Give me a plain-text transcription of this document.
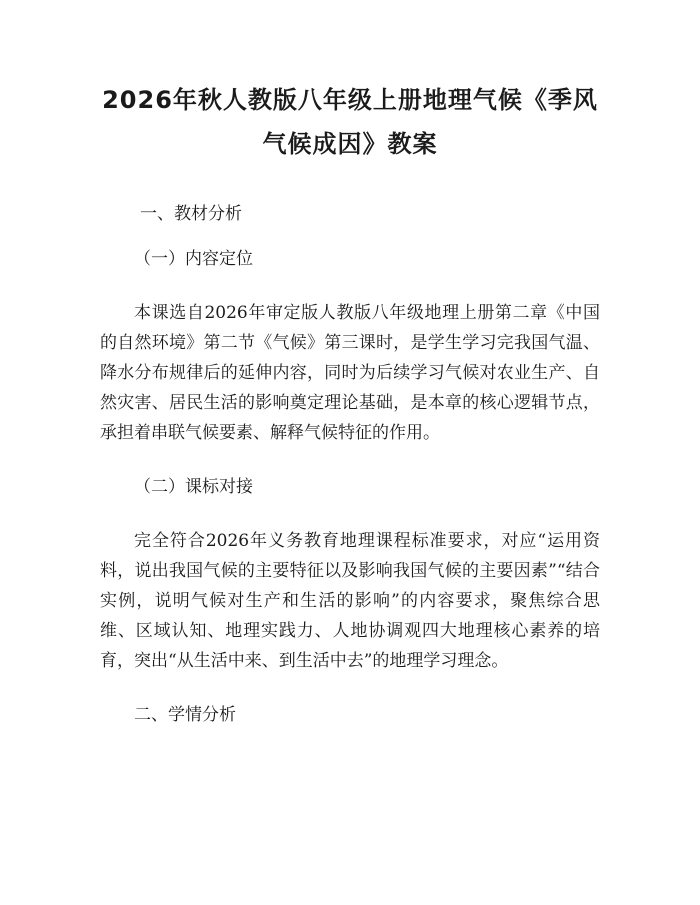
2026年秋人教版八年级上册地理气候《季风
气候成因》教案
一、教材分析
（一）内容定位

本课选自2026年审定版人教版八年级地理上册第二章《中国的自然环境》第二节《气候》第三课时，是学生学习完我国气温、降水分布规律后的延伸内容，同时为后续学习气候对农业生产、自然灾害、居民生活的影响奠定理论基础，是本章的核心逻辑节点，承担着串联气候要素、解释气候特征的作用。

（二）课标对接

完全符合2026年义务教育地理课程标准要求，对应“运用资料，说出我国气候的主要特征以及影响我国气候的主要因素”“结合实例，说明气候对生产和生活的影响”的内容要求，聚焦综合思维、区域认知、地理实践力、人地协调观四大地理核心素养的培育，突出“从生活中来、到生活中去”的地理学习理念。

二、学情分析
